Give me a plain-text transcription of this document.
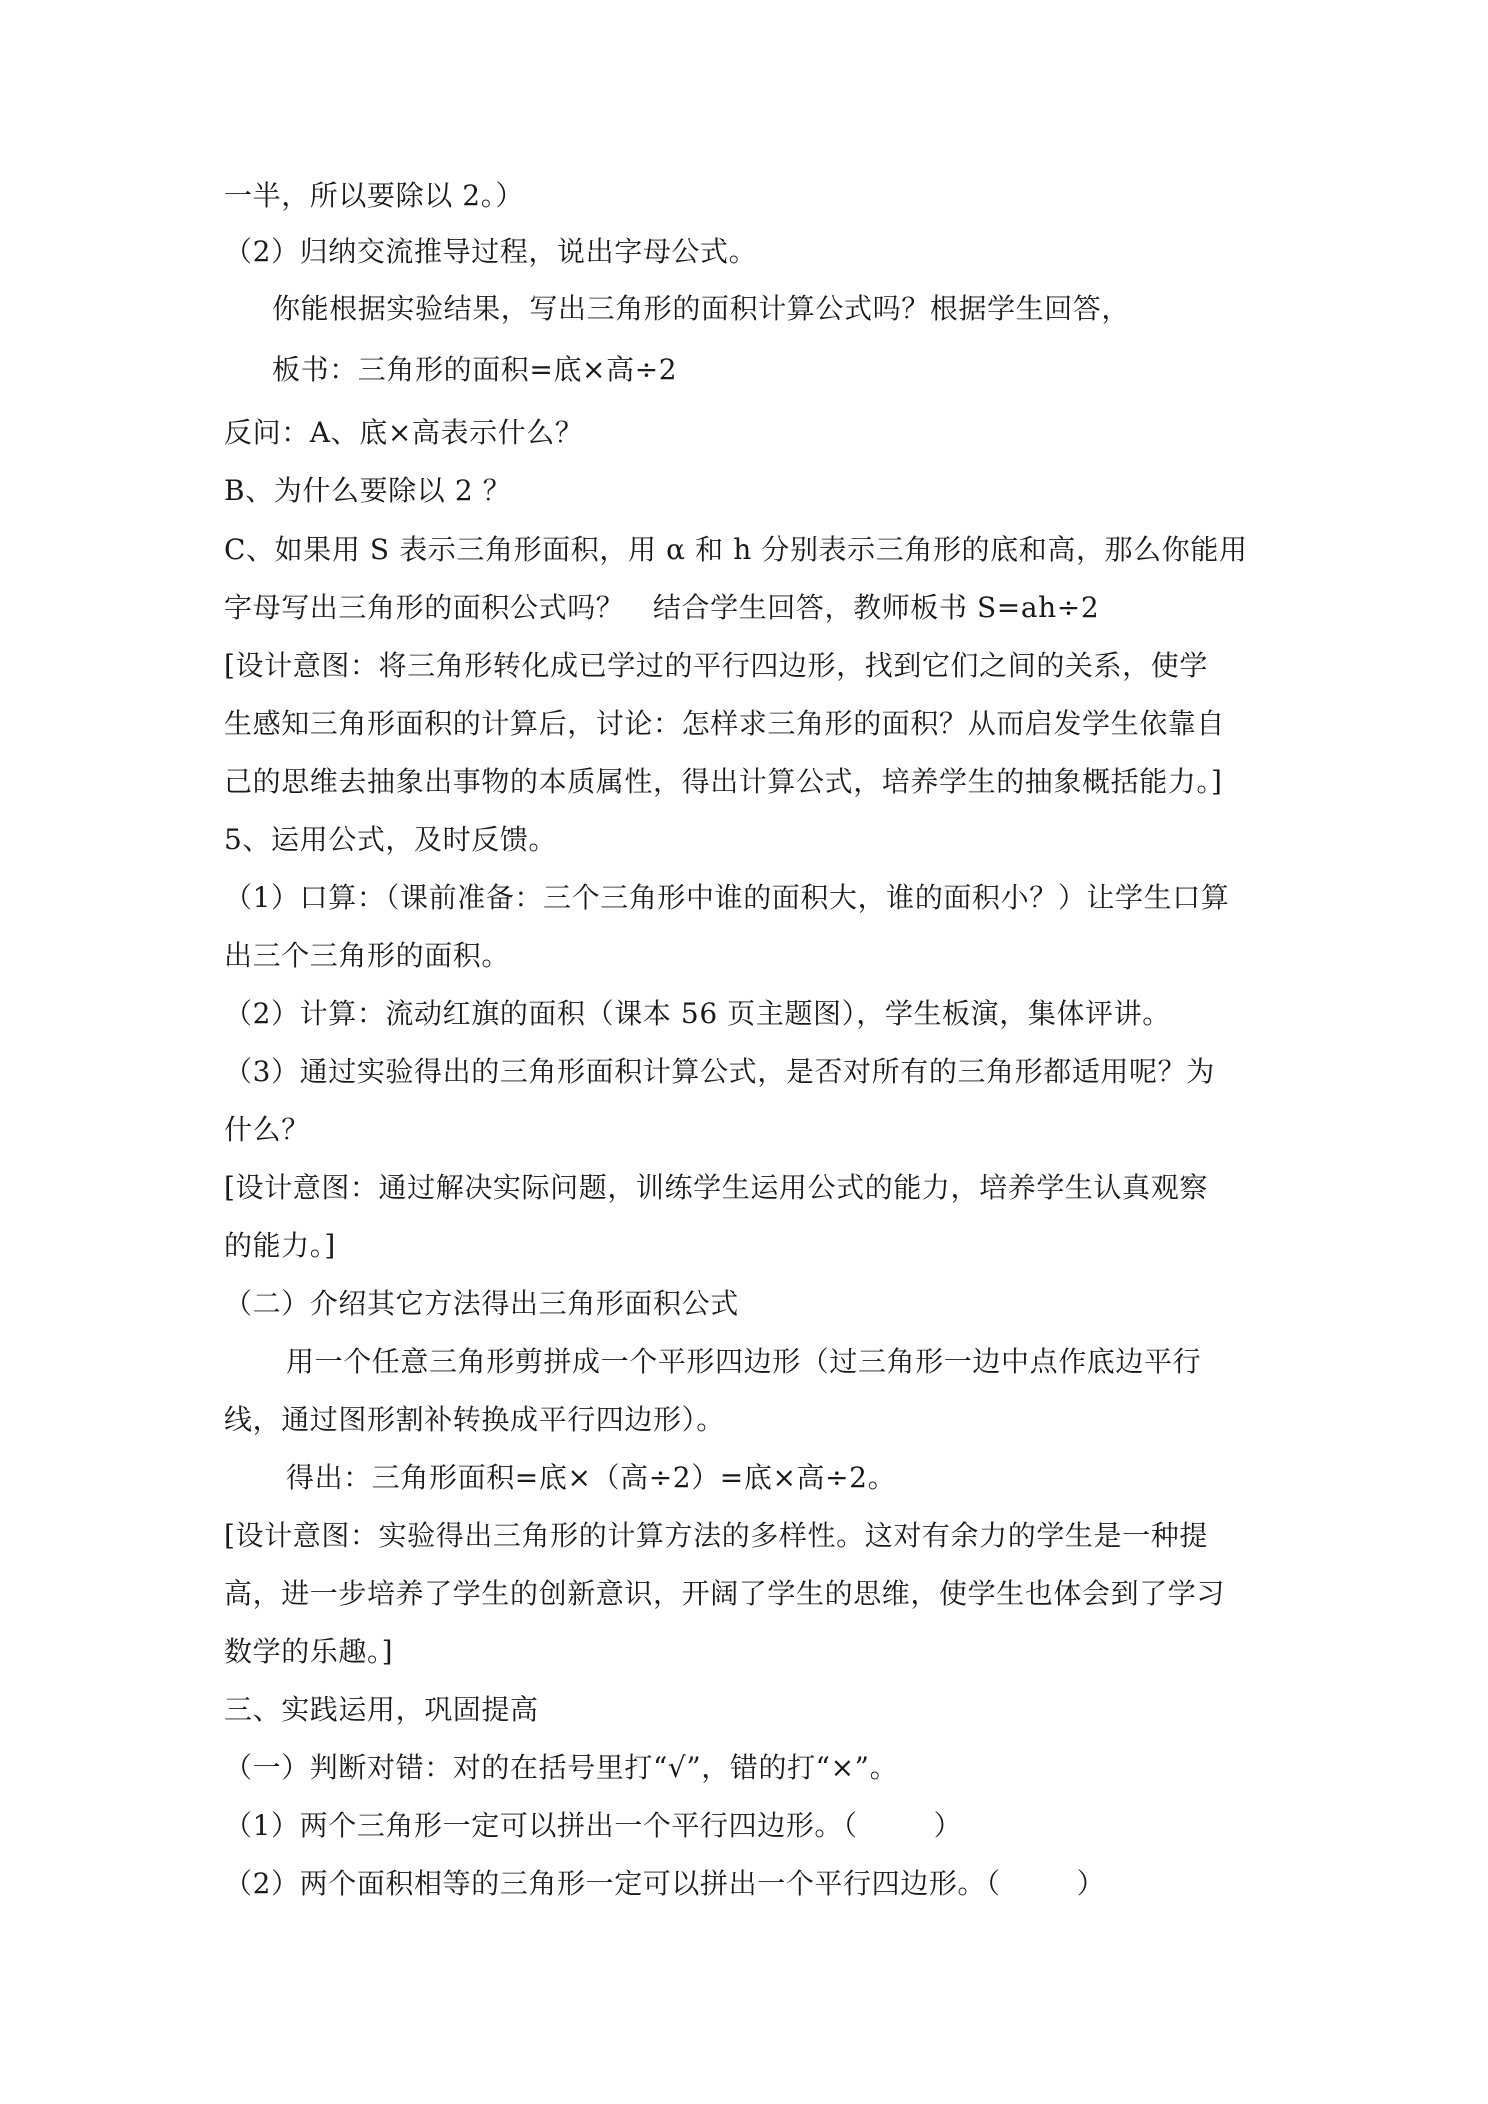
一半，所以要除以 2。）
（2）归纳交流推导过程，说出字母公式。
你能根据实验结果，写出三角形的面积计算公式吗？根据学生回答，
板书：三角形的面积=底×高÷2
反问：A、底×高表示什么？
B、为什么要除以 2 ？
C、如果用 S 表示三角形面积，用 α 和 h 分别表示三角形的底和高，那么你能用
字母写出三角形的面积公式吗？   结合学生回答，教师板书 S=ah÷2
[设计意图：将三角形转化成已学过的平行四边形，找到它们之间的关系，使学
生感知三角形面积的计算后，讨论：怎样求三角形的面积？从而启发学生依靠自
己的思维去抽象出事物的本质属性，得出计算公式，培养学生的抽象概括能力。]
5、运用公式，及时反馈。
（1）口算：（课前准备：三个三角形中谁的面积大，谁的面积小？）让学生口算
出三个三角形的面积。
（2）计算：流动红旗的面积（课本 56 页主题图），学生板演，集体评讲。
（3）通过实验得出的三角形面积计算公式，是否对所有的三角形都适用呢？为
什么？
[设计意图：通过解决实际问题，训练学生运用公式的能力，培养学生认真观察
的能力。]
（二）介绍其它方法得出三角形面积公式
用一个任意三角形剪拼成一个平形四边形（过三角形一边中点作底边平行
线，通过图形割补转换成平行四边形）。
得出：三角形面积=底×（高÷2）=底×高÷2。
[设计意图：实验得出三角形的计算方法的多样性。这对有余力的学生是一种提
高，进一步培养了学生的创新意识，开阔了学生的思维，使学生也体会到了学习
数学的乐趣。]
三、实践运用，巩固提高
（一）判断对错：对的在括号里打“√”，错的打“×”。
（1）两个三角形一定可以拼出一个平行四边形。（        ）
（2）两个面积相等的三角形一定可以拼出一个平行四边形。（        ）
